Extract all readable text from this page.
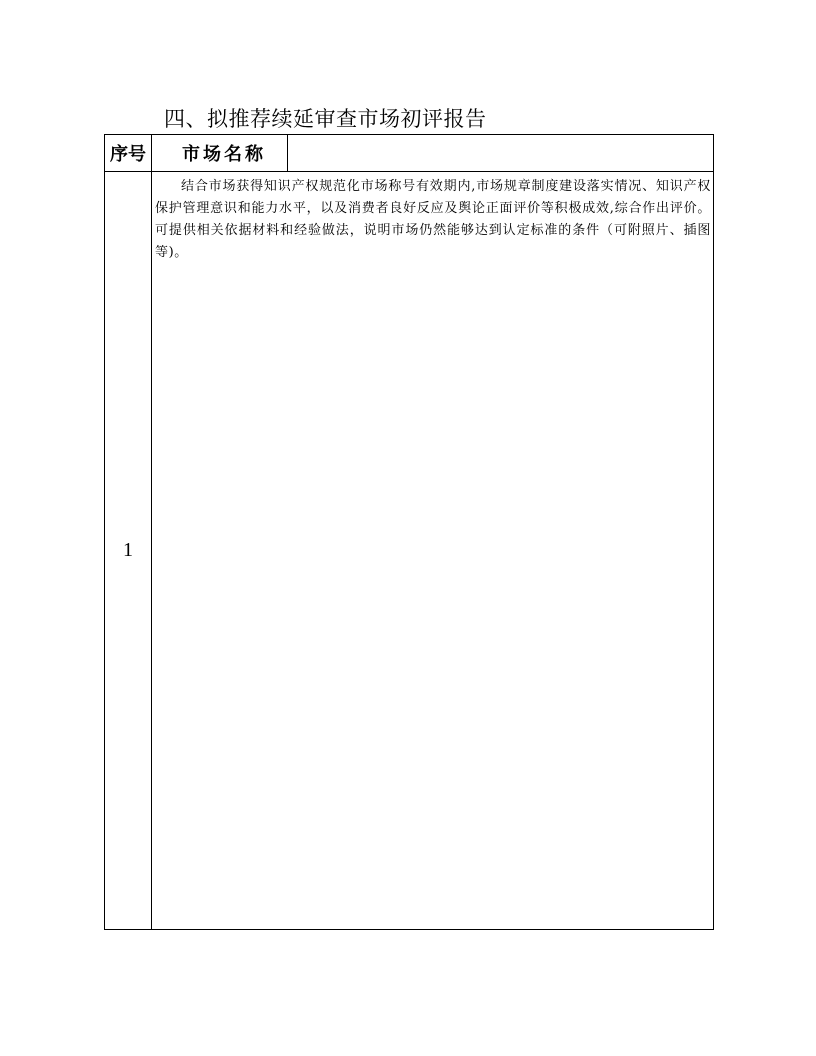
四、拟推荐续延审查市场初评报告
序号	市场名称	
1	结合市场获得知识产权规范化市场称号有效期内,市场规章制度建设落实情况、知识产权保护管理意识和能力水平，以及消费者良好反应及舆论正面评价等积极成效,综合作出评价。可提供相关依据材料和经验做法，说明市场仍然能够达到认定标准的条件（可附照片、插图等)。	
